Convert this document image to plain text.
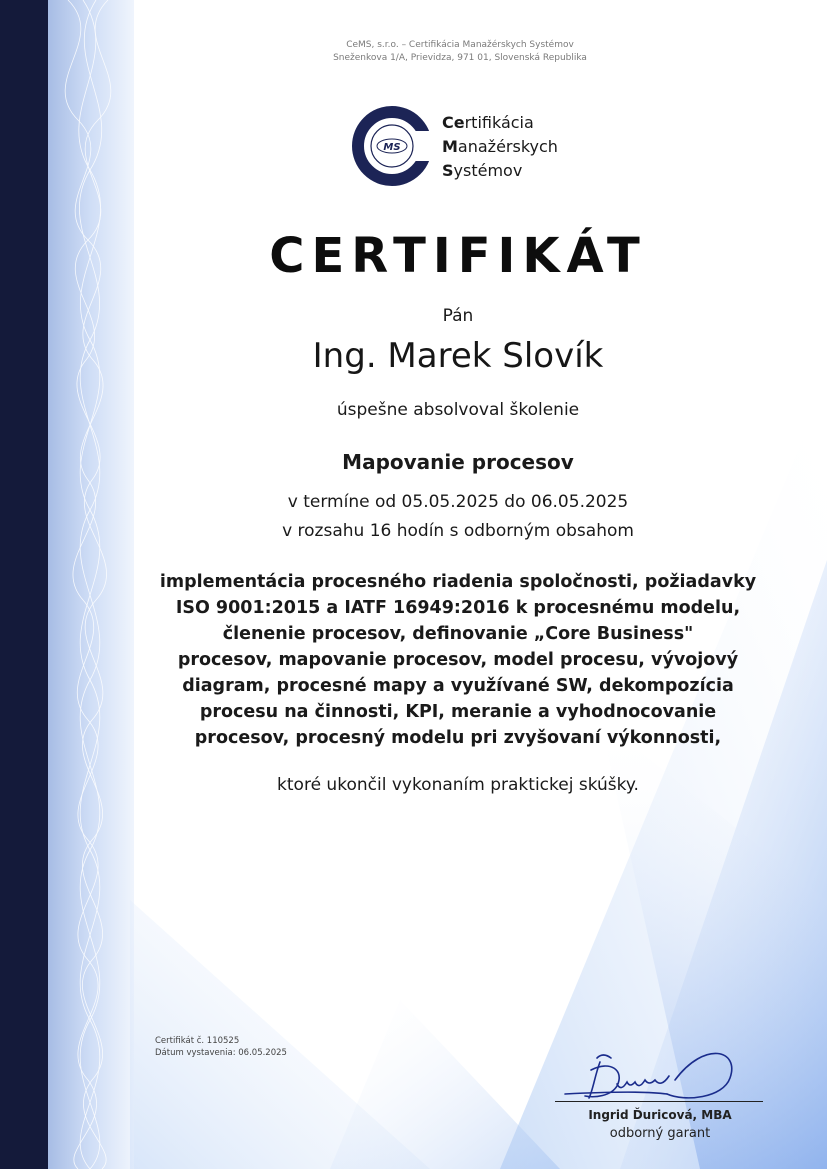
CeMS, s.r.o. – Certifikácia Manažérskych Systémov
Sneženkova 1/A, Prievidza, 971 01, Slovenská Republika
MS
Certifikácia
Manažérskych
Systémov
CERTIFIKÁT
Pán
Ing. Marek Slovík
úspešne absolvoval školenie
Mapovanie procesov
v termíne od 05.05.2025 do 06.05.2025
v rozsahu 16 hodín s odborným obsahom
implementácia procesného riadenia spoločnosti, požiadavky
ISO 9001:2015 a IATF 16949:2016 k procesnému modelu,
členenie procesov, definovanie „Core Business"
procesov, mapovanie procesov, model procesu, vývojový
diagram, procesné mapy a využívané SW, dekompozícia
procesu na činnosti, KPI, meranie a vyhodnocovanie
procesov, procesný modelu pri zvyšovaní výkonnosti,
ktoré ukončil vykonaním praktickej skúšky.
Certifikát č. 110525
Dátum vystavenia: 06.05.2025
Ingrid Ďuricová, MBA
odborný garant
